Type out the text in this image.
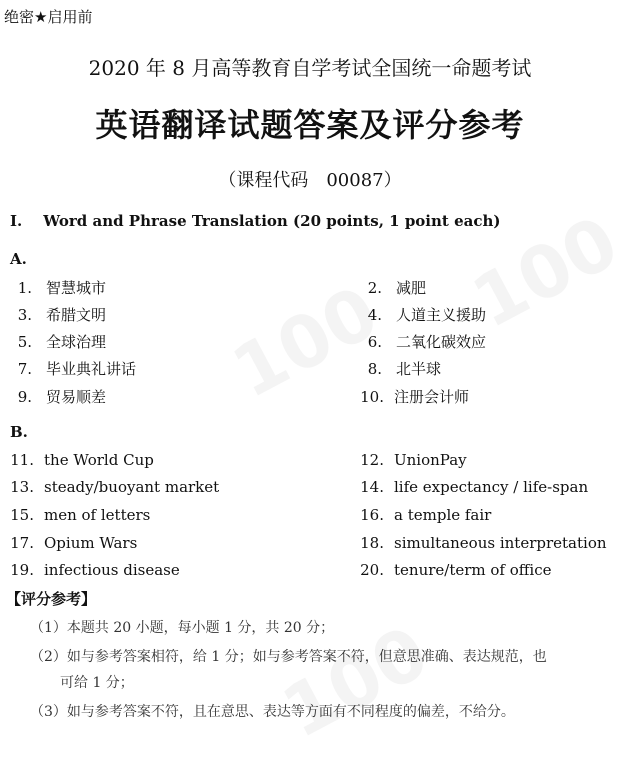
绝密★启用前
2020 年 8 月高等教育自学考试全国统一命题考试
英语翻译试题答案及评分参考
（课程代码　00087）
I. Word and Phrase Translation (20 points, 1 point each)
A.
1. 智慧城市	2. 减肥
3. 希腊文明	4. 人道主义援助
5. 全球治理	6. 二氧化碳效应
7. 毕业典礼讲话	8. 北半球
9. 贸易顺差	10. 注册会计师
B.
11. the World Cup	12. UnionPay
13. steady/buoyant market	14. life expectancy / life-span
15. men of letters	16. a temple fair
17. Opium Wars	18. simultaneous interpretation
19. infectious disease	20. tenure/term of office
【评分参考】
（1）本题共 20 小题，每小题 1 分，共 20 分；
（2）如与参考答案相符，给 1 分；如与参考答案不符，但意思准确、表达规范，也
可给 1 分；
（3）如与参考答案不符，且在意思、表达等方面有不同程度的偏差，不给分。
